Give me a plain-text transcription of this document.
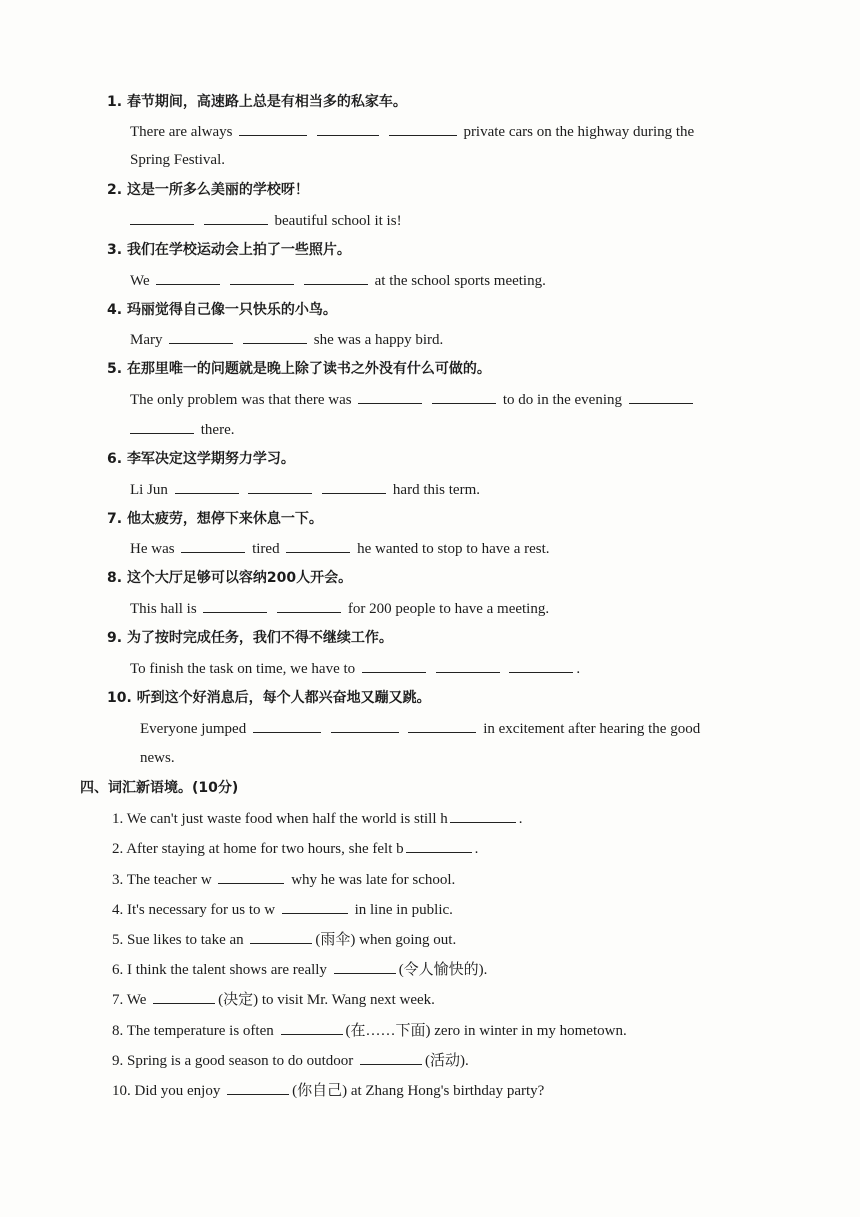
1. 春节期间，高速路上总是有相当多的私家车。
There are always	private cars on the highway during the
Spring Festival.
2. 这是一所多么美丽的学校呀！
beautiful school it is!
3. 我们在学校运动会上拍了一些照片。
We	at the school sports meeting.
4. 玛丽觉得自己像一只快乐的小鸟。
Mary	she was a happy bird.
5. 在那里唯一的问题就是晚上除了读书之外没有什么可做的。
The only problem was that there was	to do in the evening
there.
6. 李军决定这学期努力学习。
Li Jun	hard this term.
7. 他太疲劳，想停下来休息一下。
He was	tired	he wanted to stop to have a rest.
8. 这个大厅足够可以容纳200人开会。
This hall is	for 200 people to have a meeting.
9. 为了按时完成任务，我们不得不继续工作。
To finish the task on time, we have to	.
10. 听到这个好消息后，每个人都兴奋地又蹦又跳。
Everyone jumped	in excitement after hearing the good
news.
四、词汇新语境。(10分)
1. We can't just waste food when half the world is still h	.
2. After staying at home for two hours, she felt b	.
3. The teacher w	why he was late for school.
4. It's necessary for us to w	in line in public.
5. Sue likes to take an	(雨伞) when going out.
6. I think the talent shows are really	(令人愉快的).
7. We	(决定) to visit Mr. Wang next week.
8. The temperature is often	(在……下面) zero in winter in my hometown.
9. Spring is a good season to do outdoor	(活动).
10. Did you enjoy	(你自己) at Zhang Hong's birthday party?
